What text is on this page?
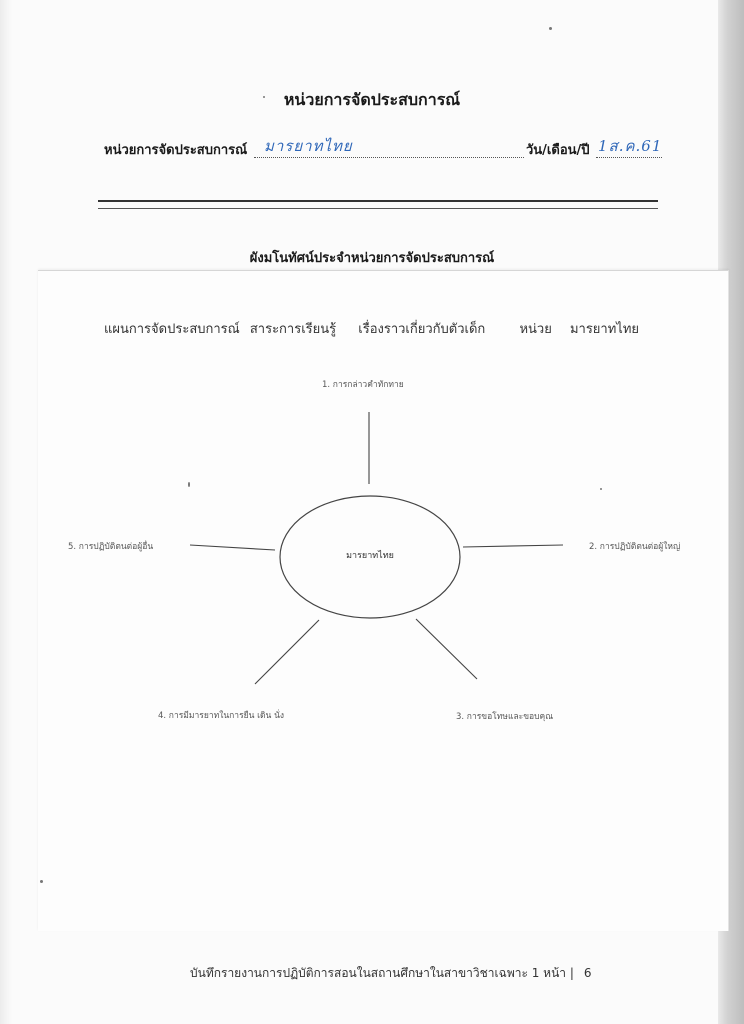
หน่วยการจัดประสบการณ์
หน่วยการจัดประสบการณ์ มารยาทไทย	วัน/เดือน/ปี 1ส.ค.61
ผังมโนทัศน์ประจำหน่วยการจัดประสบการณ์
แผนการจัดประสบการณ์ สาระการเรียนรู้ เรื่องราวเกี่ยวกับตัวเด็ก	หน่วย มารยาทไทย
มารยาทไทย
1. การกล่าวคำทักทาย
2. การปฏิบัติตนต่อผู้ใหญ่
3. การขอโทษและขอบคุณ
4. การมีมารยาทในการยืน เดิน นั่ง
5. การปฏิบัติตนต่อผู้อื่น
บันทึกรายงานการปฏิบัติการสอนในสถานศึกษาในสาขาวิชาเฉพาะ 1 หน้า | 6
